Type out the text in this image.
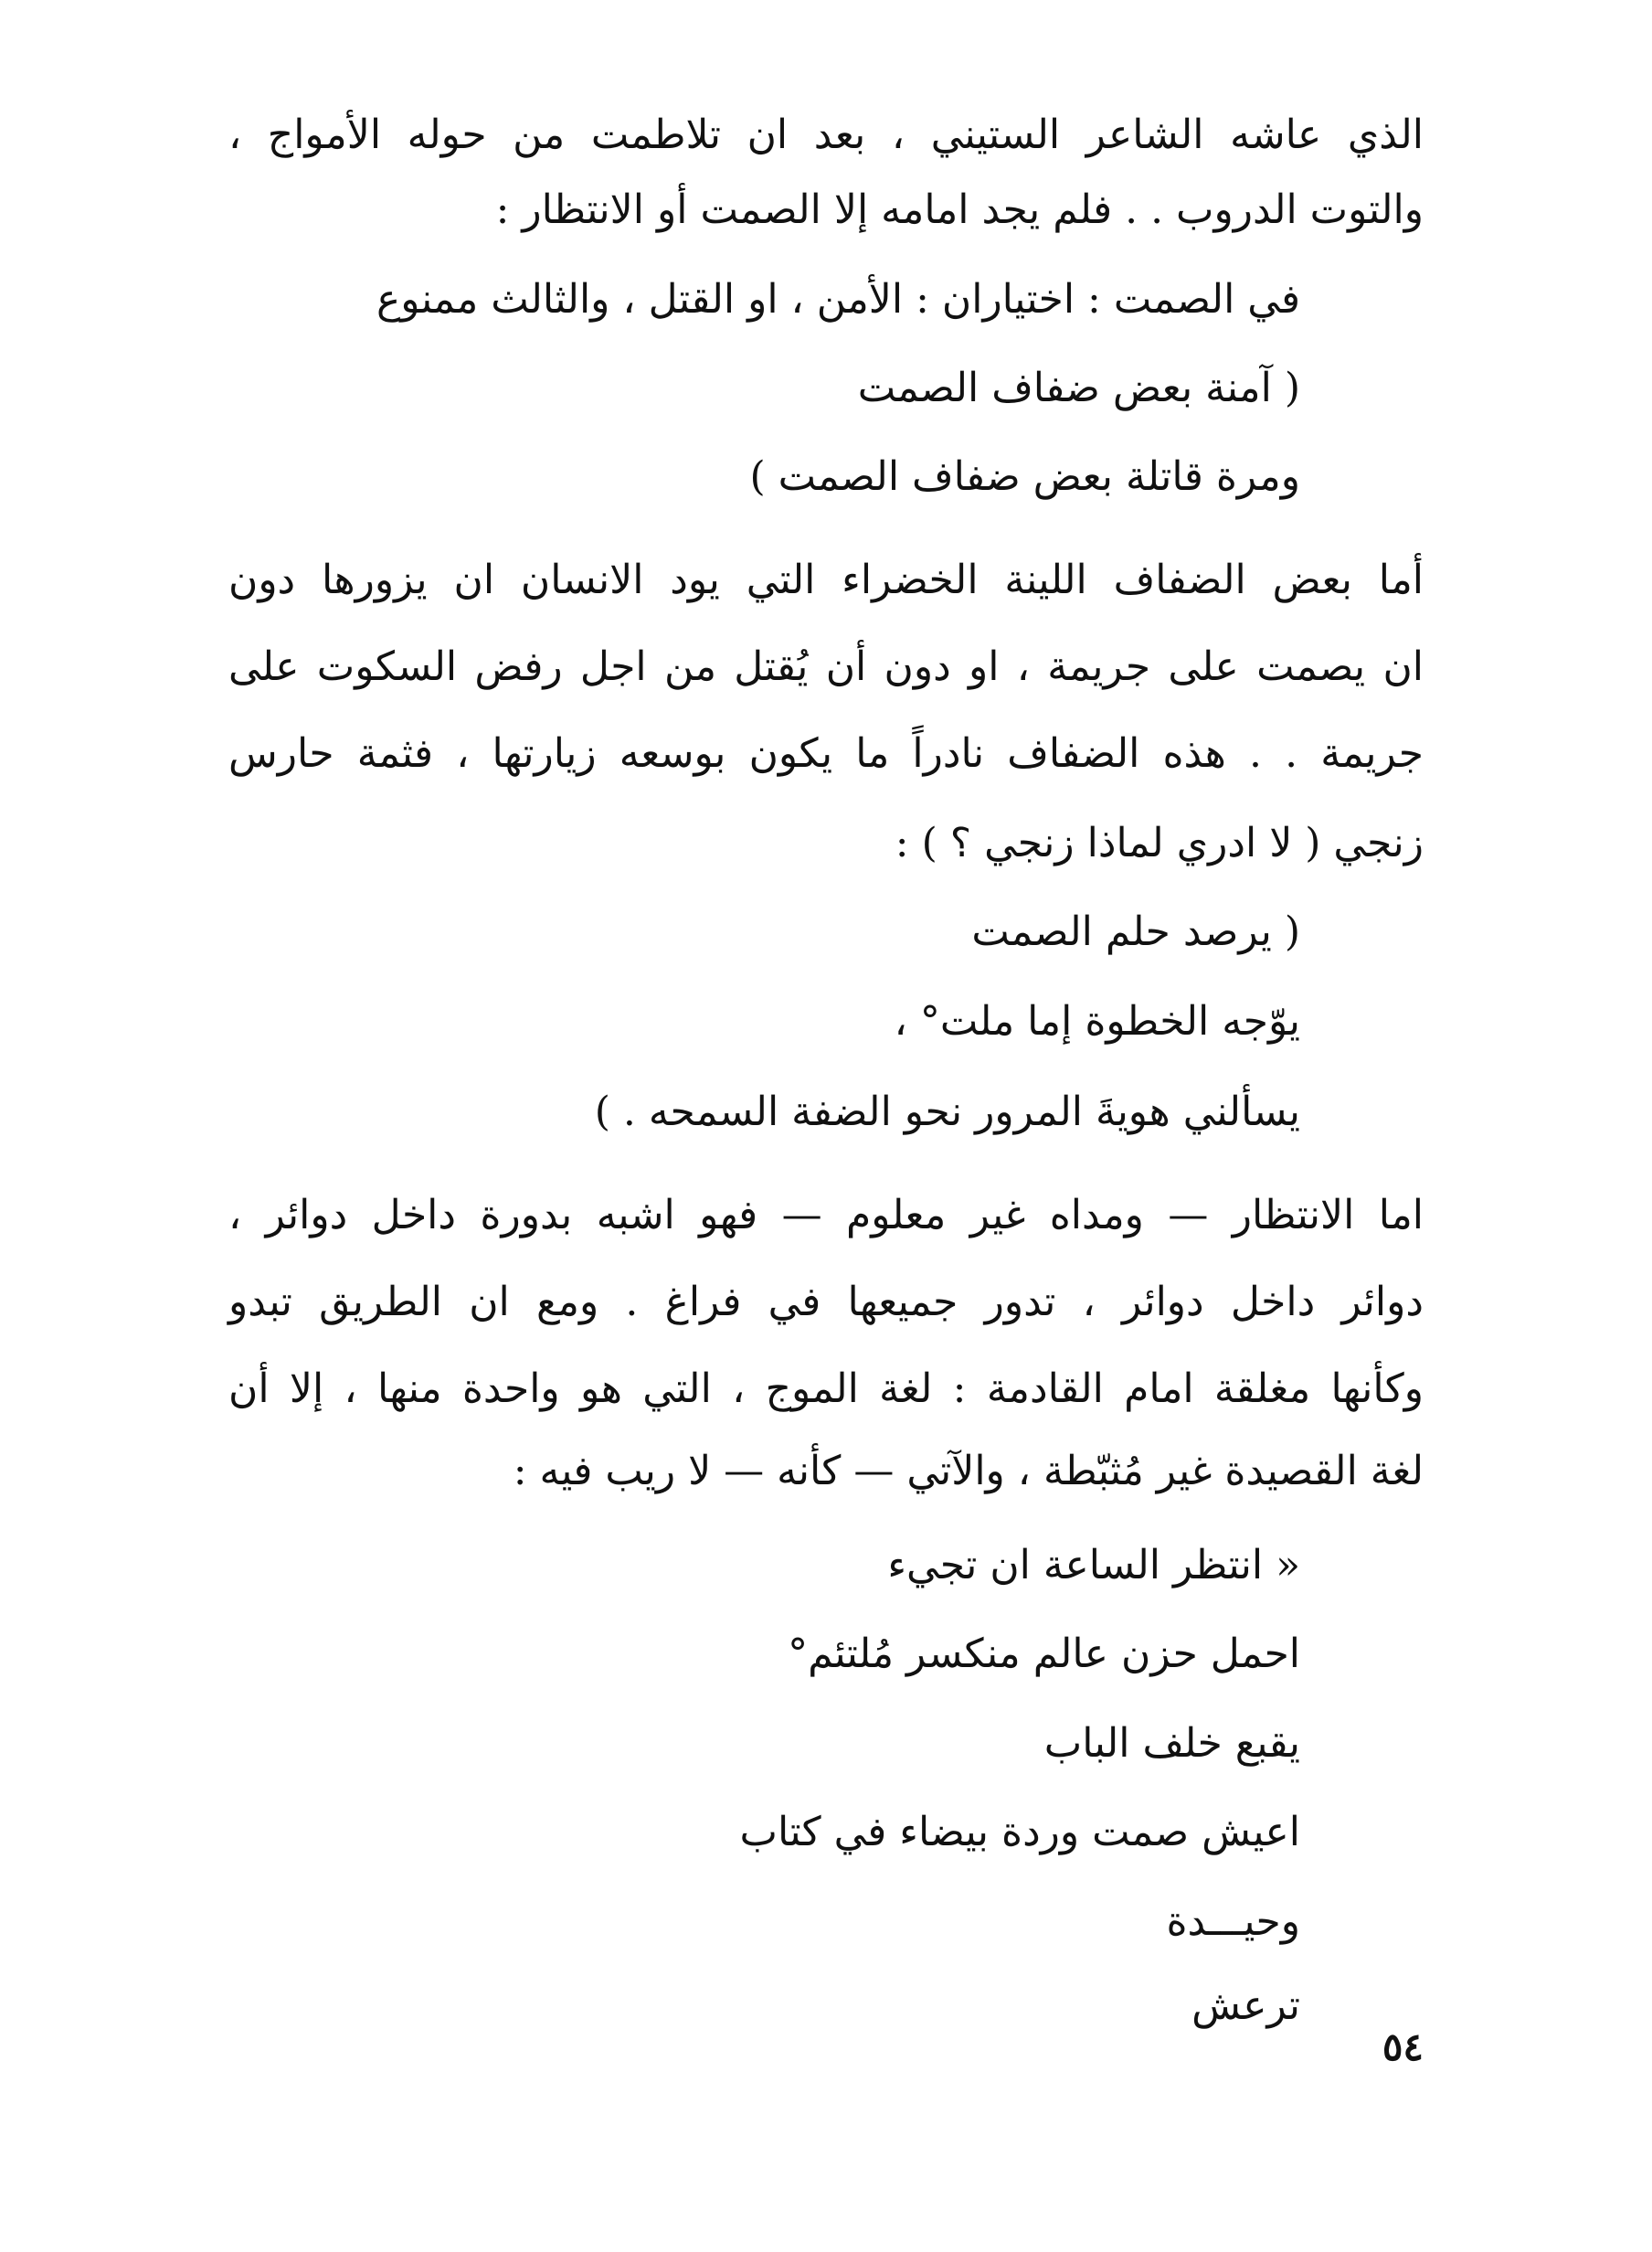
الذي عاشه الشاعر الستيني ، بعد ان تلاطمت من حوله الأمواج ،
والتوت الدروب . . فلم يجد امامه إلا الصمت أو الانتظار :
في الصمت : اختياران : الأمن ، او القتل ، والثالث ممنوع
( آمنة بعض ضفاف الصمت
ومرة قاتلة بعض ضفاف الصمت )
أما بعض الضفاف اللينة الخضراء التي يود الانسان ان يزورها دون
ان يصمت على جريمة ، او دون أن يُقتل من اجل رفض السكوت على
جريمة . . هذه الضفاف نادراً ما يكون بوسعه زيارتها ، فثمة حارس
زنجي ( لا ادري لماذا زنجي ؟ ) :
( يرصد حلم الصمت
يوّجه الخطوة إما ملت° ،
يسألني هويةَ المرور نحو الضفة السمحه . )
اما الانتظار — ومداه غير معلوم — فهو اشبه بدورة داخل دوائر ،
دوائر داخل دوائر ، تدور جميعها في فراغ . ومع ان الطريق تبدو
وكأنها مغلقة امام القادمة : لغة الموج ، التي هو واحدة منها ، إلا أن
لغة القصيدة غير مُثبّطة ، والآتي — كأنه — لا ريب فيه :
« انتظر الساعة ان تجيء
احمل حزن عالم منكسر مُلتئم°
يقبع خلف الباب
اعيش صمت وردة بيضاء في كتاب
وحيـــدة
ترعش
٥٤
